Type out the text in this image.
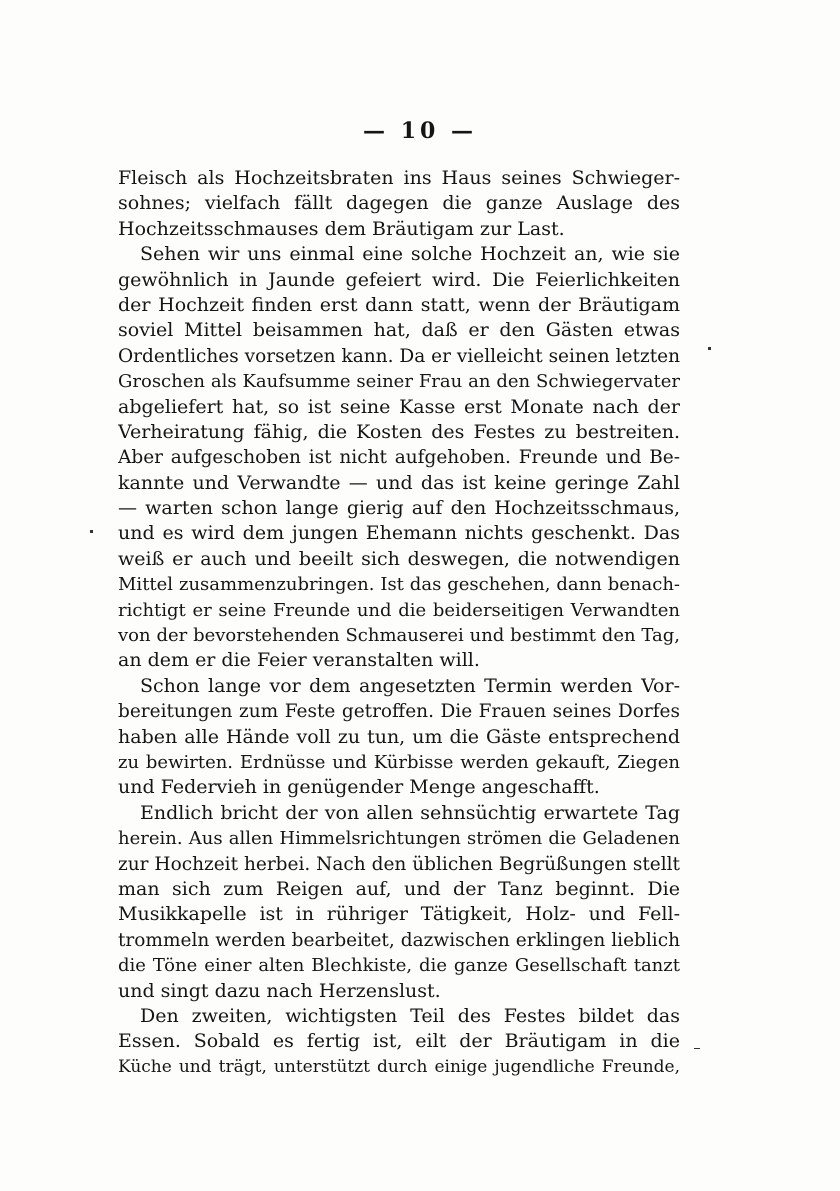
— 10 —
Fleisch als Hochzeitsbraten ins Haus seines Schwieger-
sohnes; vielfach fällt dagegen die ganze Auslage des
Hochzeitsschmauses dem Bräutigam zur Last.
Sehen wir uns einmal eine solche Hochzeit an, wie sie
gewöhnlich in Jaunde gefeiert wird. Die Feierlichkeiten
der Hochzeit finden erst dann statt, wenn der Bräutigam
soviel Mittel beisammen hat, daß er den Gästen etwas
Ordentliches vorsetzen kann. Da er vielleicht seinen letzten
Groschen als Kaufsumme seiner Frau an den Schwiegervater
abgeliefert hat, so ist seine Kasse erst Monate nach der
Verheiratung fähig, die Kosten des Festes zu bestreiten.
Aber aufgeschoben ist nicht aufgehoben. Freunde und Be-
kannte und Verwandte — und das ist keine geringe Zahl
— warten schon lange gierig auf den Hochzeitsschmaus,
und es wird dem jungen Ehemann nichts geschenkt. Das
weiß er auch und beeilt sich deswegen, die notwendigen
Mittel zusammenzubringen. Ist das geschehen, dann benach-
richtigt er seine Freunde und die beiderseitigen Verwandten
von der bevorstehenden Schmauserei und bestimmt den Tag,
an dem er die Feier veranstalten will.
Schon lange vor dem angesetzten Termin werden Vor-
bereitungen zum Feste getroffen. Die Frauen seines Dorfes
haben alle Hände voll zu tun, um die Gäste entsprechend
zu bewirten. Erdnüsse und Kürbisse werden gekauft, Ziegen
und Federvieh in genügender Menge angeschafft.
Endlich bricht der von allen sehnsüchtig erwartete Tag
herein. Aus allen Himmelsrichtungen strömen die Geladenen
zur Hochzeit herbei. Nach den üblichen Begrüßungen stellt
man sich zum Reigen auf, und der Tanz beginnt. Die
Musikkapelle ist in rühriger Tätigkeit, Holz- und Fell-
trommeln werden bearbeitet, dazwischen erklingen lieblich
die Töne einer alten Blechkiste, die ganze Gesellschaft tanzt
und singt dazu nach Herzenslust.
Den zweiten, wichtigsten Teil des Festes bildet das
Essen. Sobald es fertig ist, eilt der Bräutigam in die
Küche und trägt, unterstützt durch einige jugendliche Freunde,
